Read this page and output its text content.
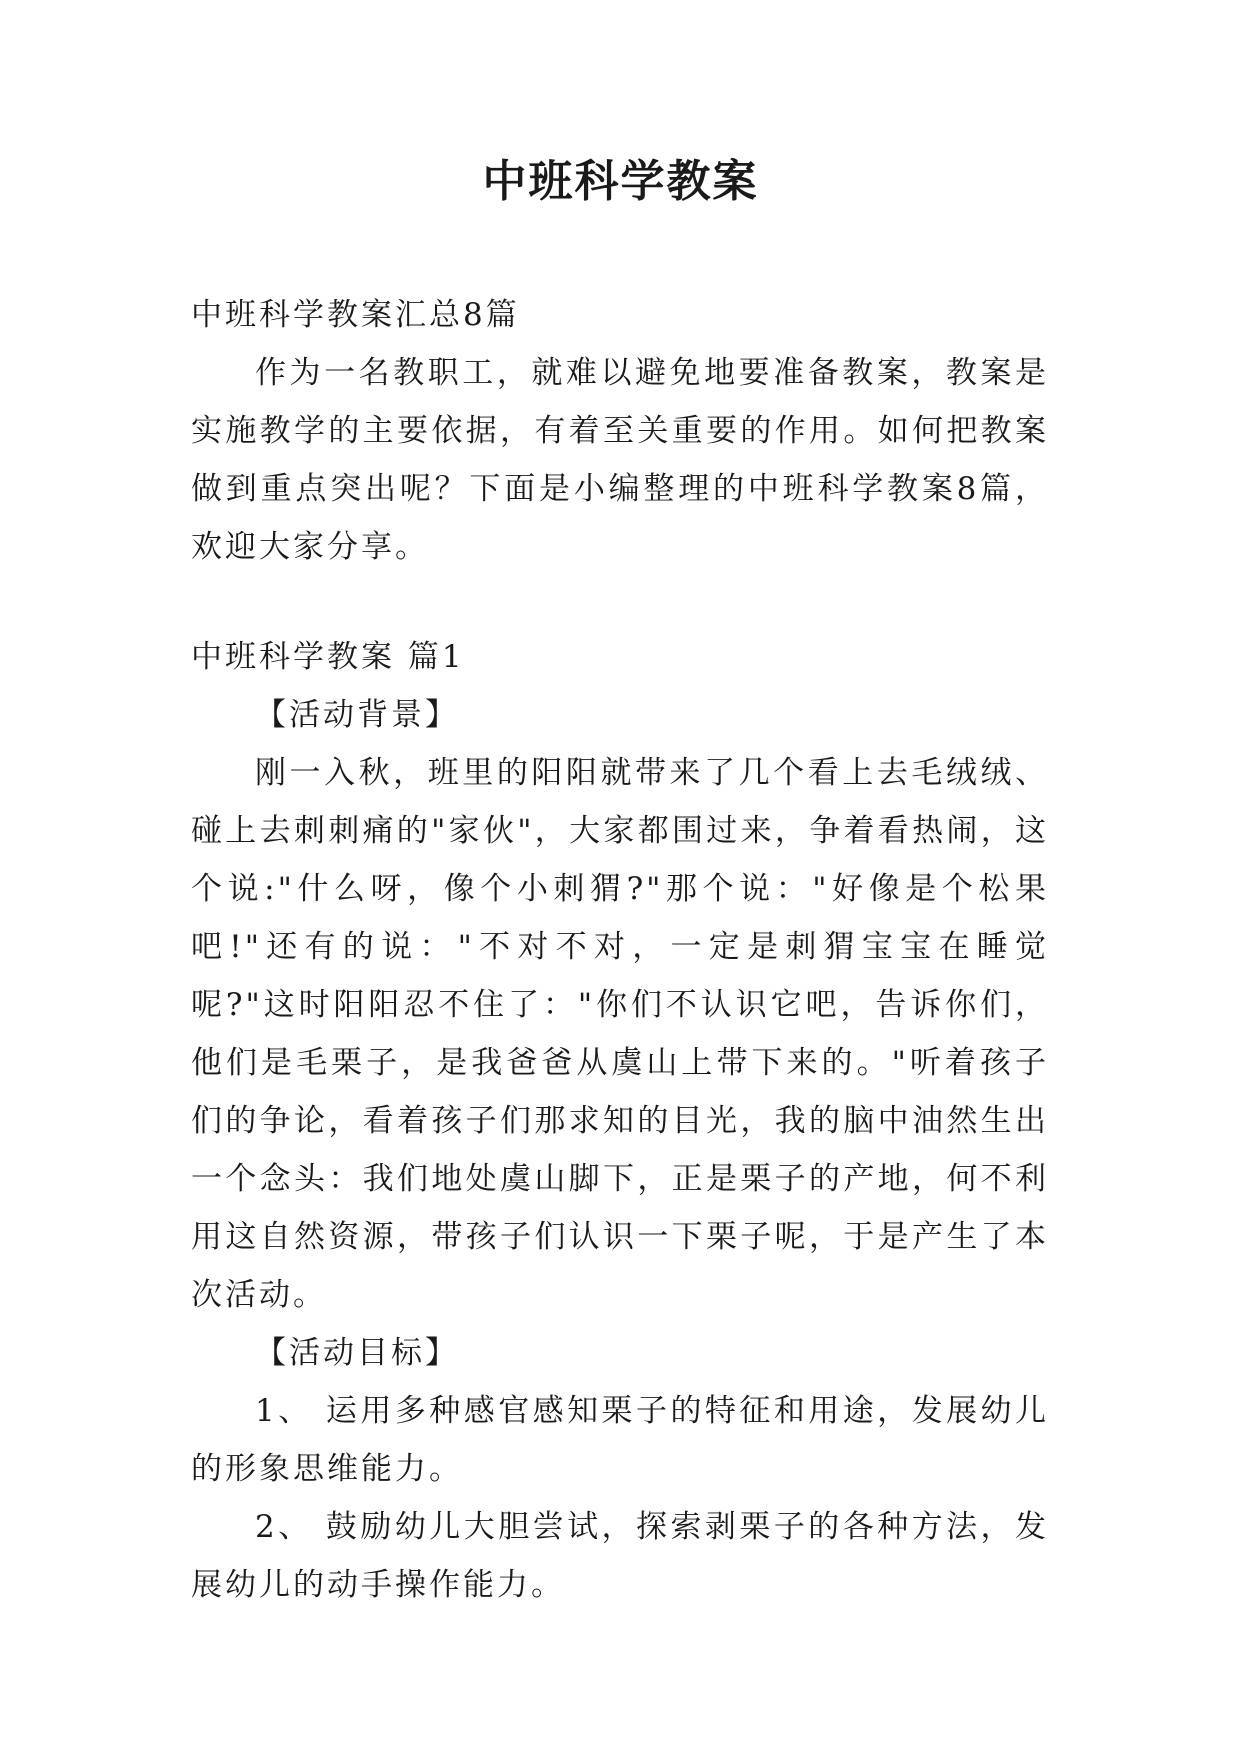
中班科学教案

中班科学教案汇总8篇

作为一名教职工，就难以避免地要准备教案，教案是实施教学的主要依据，有着至关重要的作用。如何把教案做到重点突出呢？下面是小编整理的中班科学教案8篇，欢迎大家分享。

中班科学教案 篇1

【活动背景】

刚一入秋，班里的阳阳就带来了几个看上去毛绒绒、碰上去刺刺痛的"家伙"，大家都围过来，争着看热闹，这个说:"什么呀，像个小刺猬?"那个说："好像是个松果吧!"还有的说："不对不对，一定是刺猬宝宝在睡觉呢?"这时阳阳忍不住了："你们不认识它吧，告诉你们，他们是毛栗子，是我爸爸从虞山上带下来的。"听着孩子们的争论，看着孩子们那求知的目光，我的脑中油然生出一个念头：我们地处虞山脚下，正是栗子的产地，何不利用这自然资源，带孩子们认识一下栗子呢，于是产生了本次活动。

【活动目标】

1、 运用多种感官感知栗子的特征和用途，发展幼儿的形象思维能力。

2、 鼓励幼儿大胆尝试，探索剥栗子的各种方法，发展幼儿的动手操作能力。
